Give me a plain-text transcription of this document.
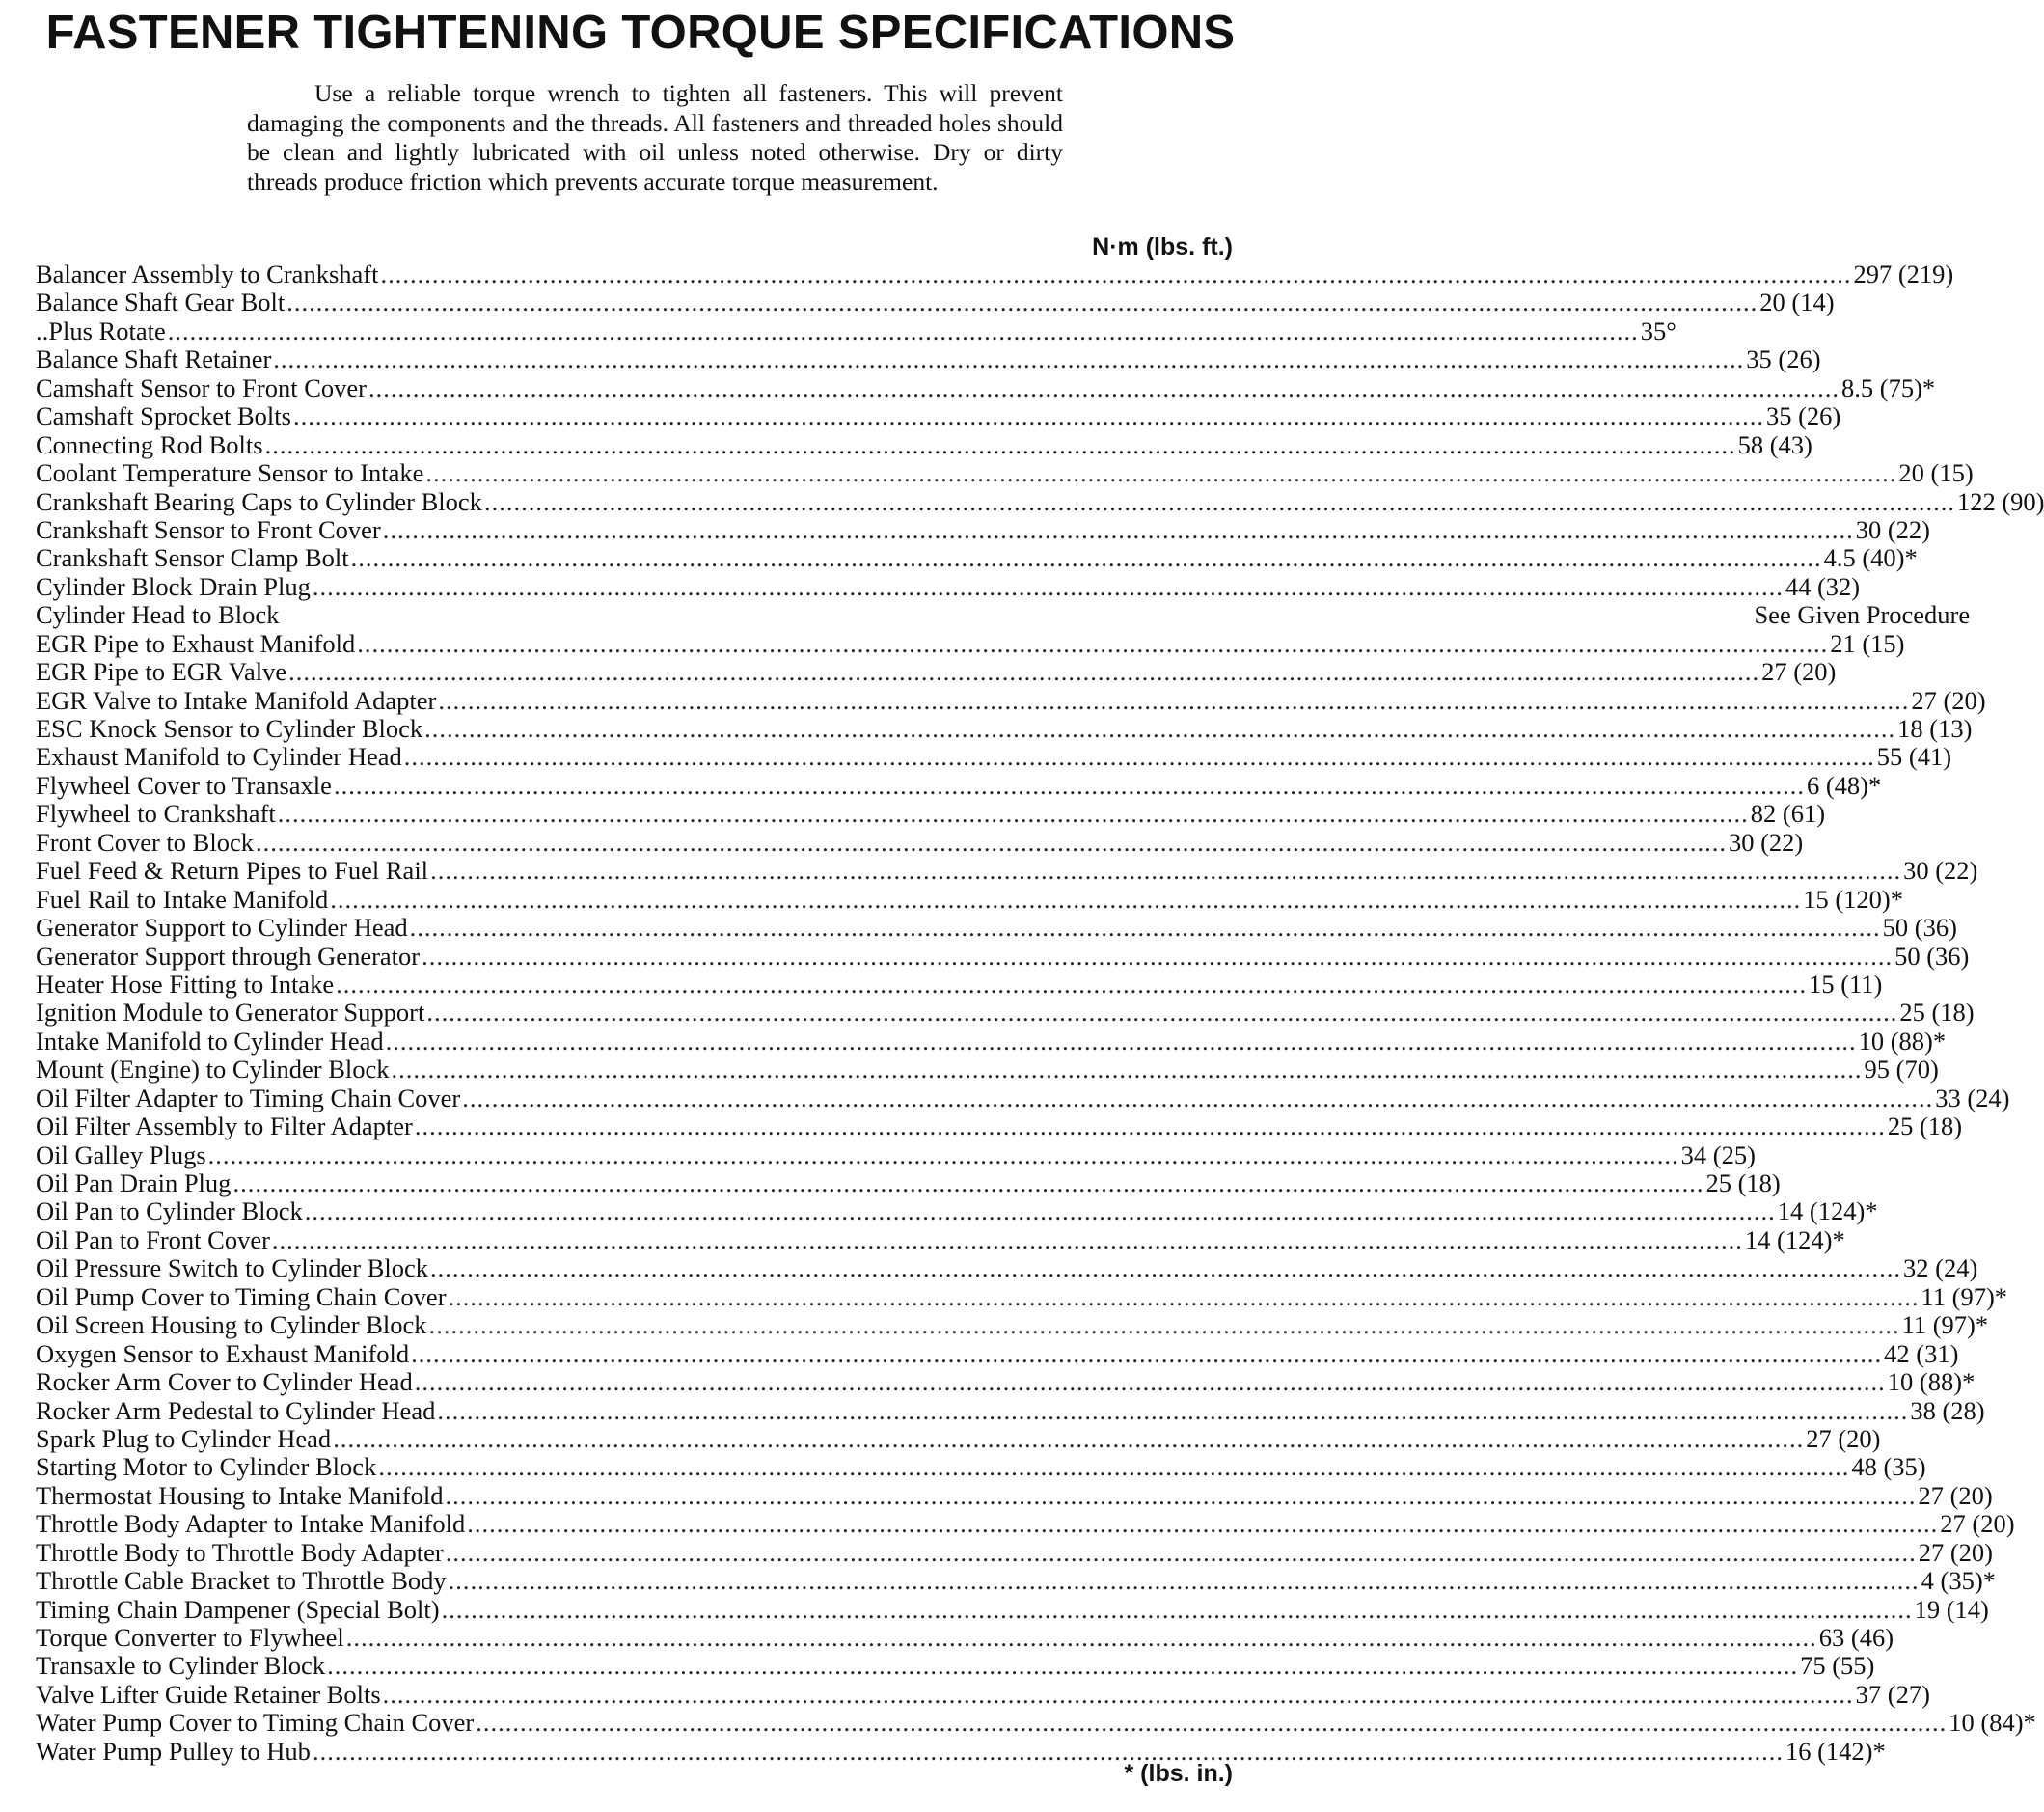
FASTENER TIGHTENING TORQUE SPECIFICATIONS

Use a reliable torque wrench to tighten all fasteners. This will prevent damaging the components and the threads. All fasteners and threaded holes should be clean and lightly lubricated with oil unless noted otherwise. Dry or dirty threads produce friction which prevents accurate torque measurement.

N·m (lbs. ft.)
Balancer Assembly to Crankshaft ........................................................................................................................................................................................................ 297 (219)
Balance Shaft Gear Bolt ........................................................................................................................................................................................................ 20 (14)
..Plus Rotate ........................................................................................................................................................................................................ 35°
Balance Shaft Retainer ........................................................................................................................................................................................................ 35 (26)
Camshaft Sensor to Front Cover ........................................................................................................................................................................................................ 8.5 (75)*
Camshaft Sprocket Bolts ........................................................................................................................................................................................................ 35 (26)
Connecting Rod Bolts ........................................................................................................................................................................................................ 58 (43)
Coolant Temperature Sensor to Intake ........................................................................................................................................................................................................ 20 (15)
Crankshaft Bearing Caps to Cylinder Block ........................................................................................................................................................................................................ 122 (90)
Crankshaft Sensor to Front Cover ........................................................................................................................................................................................................ 30 (22)
Crankshaft Sensor Clamp Bolt ........................................................................................................................................................................................................ 4.5 (40)*
Cylinder Block Drain Plug ........................................................................................................................................................................................................ 44 (32)
Cylinder Head to Block	See Given Procedure
EGR Pipe to Exhaust Manifold ........................................................................................................................................................................................................ 21 (15)
EGR Pipe to EGR Valve ........................................................................................................................................................................................................ 27 (20)
EGR Valve to Intake Manifold Adapter ........................................................................................................................................................................................................ 27 (20)
ESC Knock Sensor to Cylinder Block ........................................................................................................................................................................................................ 18 (13)
Exhaust Manifold to Cylinder Head ........................................................................................................................................................................................................ 55 (41)
Flywheel Cover to Transaxle ........................................................................................................................................................................................................ 6 (48)*
Flywheel to Crankshaft ........................................................................................................................................................................................................ 82 (61)
Front Cover to Block ........................................................................................................................................................................................................ 30 (22)
Fuel Feed & Return Pipes to Fuel Rail ........................................................................................................................................................................................................ 30 (22)
Fuel Rail to Intake Manifold ........................................................................................................................................................................................................ 15 (120)*
Generator Support to Cylinder Head ........................................................................................................................................................................................................ 50 (36)
Generator Support through Generator ........................................................................................................................................................................................................ 50 (36)
Heater Hose Fitting to Intake ........................................................................................................................................................................................................ 15 (11)
Ignition Module to Generator Support ........................................................................................................................................................................................................ 25 (18)
Intake Manifold to Cylinder Head ........................................................................................................................................................................................................ 10 (88)*
Mount (Engine) to Cylinder Block ........................................................................................................................................................................................................ 95 (70)
Oil Filter Adapter to Timing Chain Cover ........................................................................................................................................................................................................ 33 (24)
Oil Filter Assembly to Filter Adapter ........................................................................................................................................................................................................ 25 (18)
Oil Galley Plugs ........................................................................................................................................................................................................ 34 (25)
Oil Pan Drain Plug ........................................................................................................................................................................................................ 25 (18)
Oil Pan to Cylinder Block ........................................................................................................................................................................................................ 14 (124)*
Oil Pan to Front Cover ........................................................................................................................................................................................................ 14 (124)*
Oil Pressure Switch to Cylinder Block ........................................................................................................................................................................................................ 32 (24)
Oil Pump Cover to Timing Chain Cover ........................................................................................................................................................................................................ 11 (97)*
Oil Screen Housing to Cylinder Block ........................................................................................................................................................................................................ 11 (97)*
Oxygen Sensor to Exhaust Manifold ........................................................................................................................................................................................................ 42 (31)
Rocker Arm Cover to Cylinder Head ........................................................................................................................................................................................................ 10 (88)*
Rocker Arm Pedestal to Cylinder Head ........................................................................................................................................................................................................ 38 (28)
Spark Plug to Cylinder Head ........................................................................................................................................................................................................ 27 (20)
Starting Motor to Cylinder Block ........................................................................................................................................................................................................ 48 (35)
Thermostat Housing to Intake Manifold ........................................................................................................................................................................................................ 27 (20)
Throttle Body Adapter to Intake Manifold ........................................................................................................................................................................................................ 27 (20)
Throttle Body to Throttle Body Adapter ........................................................................................................................................................................................................ 27 (20)
Throttle Cable Bracket to Throttle Body ........................................................................................................................................................................................................ 4 (35)*
Timing Chain Dampener (Special Bolt) ........................................................................................................................................................................................................ 19 (14)
Torque Converter to Flywheel ........................................................................................................................................................................................................ 63 (46)
Transaxle to Cylinder Block ........................................................................................................................................................................................................ 75 (55)
Valve Lifter Guide Retainer Bolts ........................................................................................................................................................................................................ 37 (27)
Water Pump Cover to Timing Chain Cover ........................................................................................................................................................................................................ 10 (84)*
Water Pump Pulley to Hub ........................................................................................................................................................................................................ 16 (142)*
* (lbs. in.)
